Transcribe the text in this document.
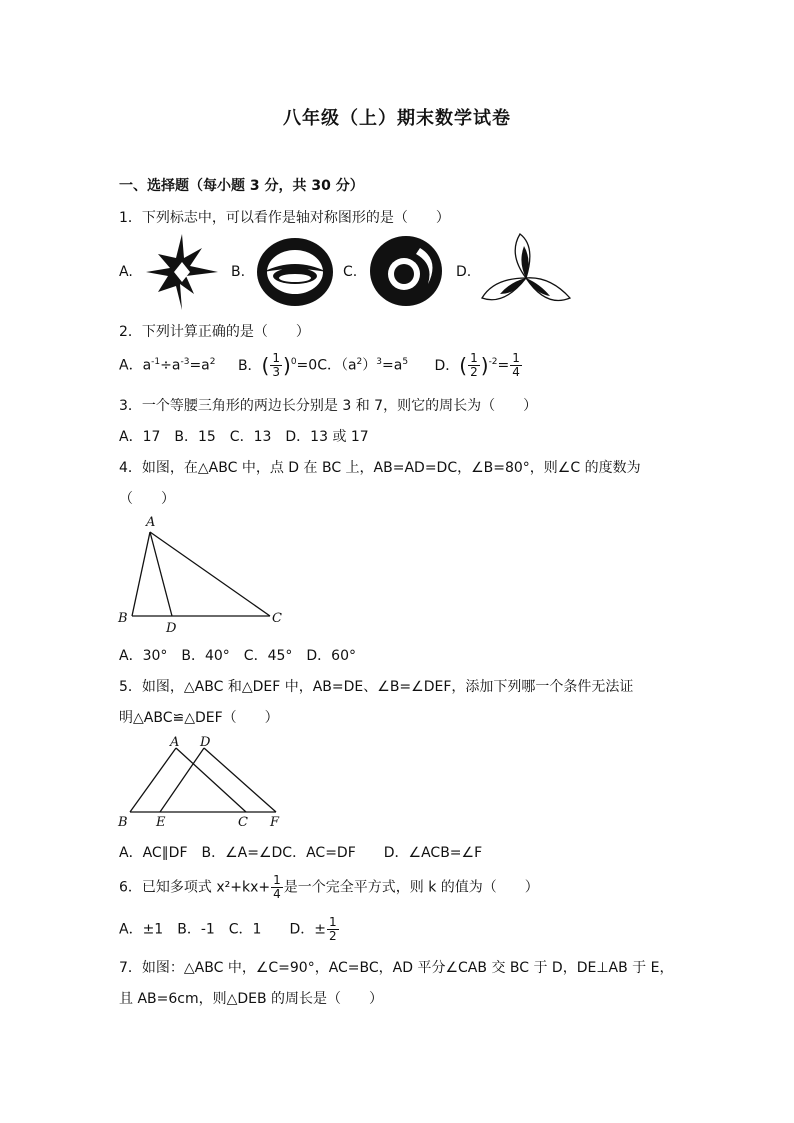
八年级（上）期末数学试卷
一、选择题（每小题 3 分，共 30 分）
1．下列标志中，可以看作是轴对称图形的是（　　）
A.	B.	C.	D.
2．下列计算正确的是（　　）
A．$a^{-1}\div a^{-3}=a^2$ B．( $\frac{1}{3} )^0=0C$．$(a^2)^3=a^5$ D．( $\frac{1}{2} )^{-2}= \frac{1}{4}$
3．一个等腰三角形的两边长分别是 3 和 7，则它的周长为（　　）
A．17　B．15　C．13　D．13 或 17
4．如图，在△ABC 中，点 D 在 BC 上，AB=AD=DC，∠B=80°，则∠C 的度数为
（　　）
A
B
D
C
A．30°　B．40°　C．45°　D．60°
5．如图，△ABC 和△DEF 中，AB=DE、∠B=∠DEF，添加下列哪一个条件无法证
明△ABC≌△DEF（　　）
A D
B E	C F
A．AC∥DF　B．∠A=∠DC．AC=DF　　D．∠ACB=∠F
6．已知多项式 $x^2+kx+ \frac{1}{4}$ 是一个完全平方式，则 k 的值为（　　）
A．±1　B．-1　C．1　　D．± $\frac{1}{2}$
7．如图：△ABC 中，∠C=90°，AC=BC，AD 平分∠CAB 交 BC 于 D，DE⊥AB 于 E，
且 AB=6cm，则△DEB 的周长是（　　）
